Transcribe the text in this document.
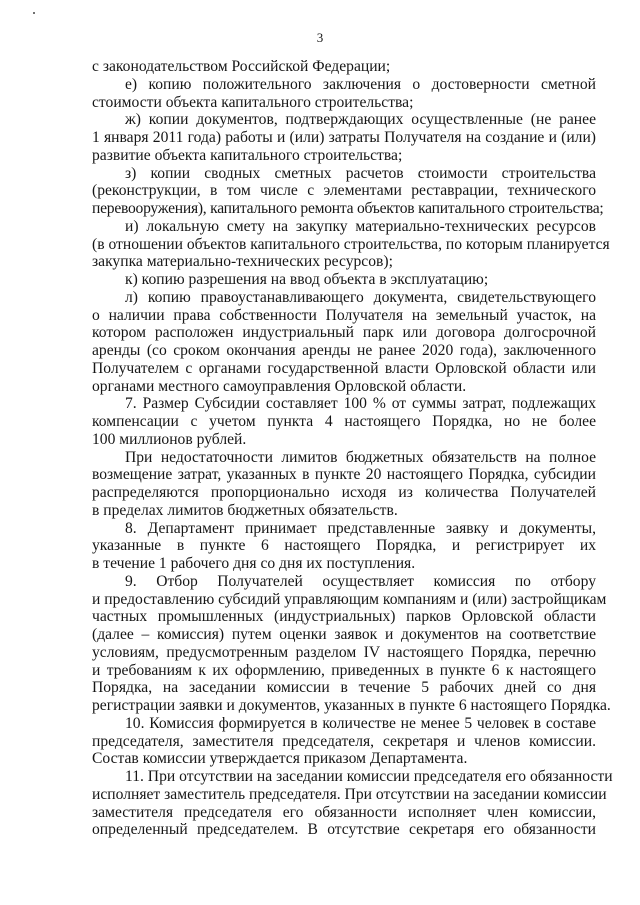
3
с законодательством Российской Федерации;
е) копию положительного заключения о достоверности сметной
стоимости объекта капитального строительства;
ж) копии документов, подтверждающих осуществленные (не ранее
1 января 2011 года) работы и (или) затраты Получателя на создание и (или)
развитие объекта капитального строительства;
з) копии сводных сметных расчетов стоимости строительства
(реконструкции, в том числе с элементами реставрации, технического
перевооружения), капитального ремонта объектов капитального строительства;
и) локальную смету на закупку материально-технических ресурсов
(в отношении объектов капитального строительства, по которым планируется
закупка материально-технических ресурсов);
к) копию разрешения на ввод объекта в эксплуатацию;
л) копию правоустанавливающего документа, свидетельствующего
о наличии права собственности Получателя на земельный участок, на
котором расположен индустриальный парк или договора долгосрочной
аренды (со сроком окончания аренды не ранее 2020 года), заключенного
Получателем с органами государственной власти Орловской области или
органами местного самоуправления Орловской области.
7. Размер Субсидии составляет 100 % от суммы затрат, подлежащих
компенсации с учетом пункта 4 настоящего Порядка, но не более
100 миллионов рублей.
При недостаточности лимитов бюджетных обязательств на полное
возмещение затрат, указанных в пункте 20 настоящего Порядка, субсидии
распределяются пропорционально исходя из количества Получателей
в пределах лимитов бюджетных обязательств.
8. Департамент принимает представленные заявку и документы,
указанные в пункте 6 настоящего Порядка, и регистрирует их
в течение 1 рабочего дня со дня их поступления.
9. Отбор Получателей осуществляет комиссия по отбору
и предоставлению субсидий управляющим компаниям и (или) застройщикам
частных промышленных (индустриальных) парков Орловской области
(далее – комиссия) путем оценки заявок и документов на соответствие
условиям, предусмотренным разделом IV настоящего Порядка, перечню
и требованиям к их оформлению, приведенных в пункте 6 к настоящего
Порядка, на заседании комиссии в течение 5 рабочих дней со дня
регистрации заявки и документов, указанных в пункте 6 настоящего Порядка.
10. Комиссия формируется в количестве не менее 5 человек в составе
председателя, заместителя председателя, секретаря и членов комиссии.
Состав комиссии утверждается приказом Департамента.
11. При отсутствии на заседании комиссии председателя его обязанности
исполняет заместитель председателя. При отсутствии на заседании комиссии
заместителя председателя его обязанности исполняет член комиссии,
определенный председателем. В отсутствие секретаря его обязанности
